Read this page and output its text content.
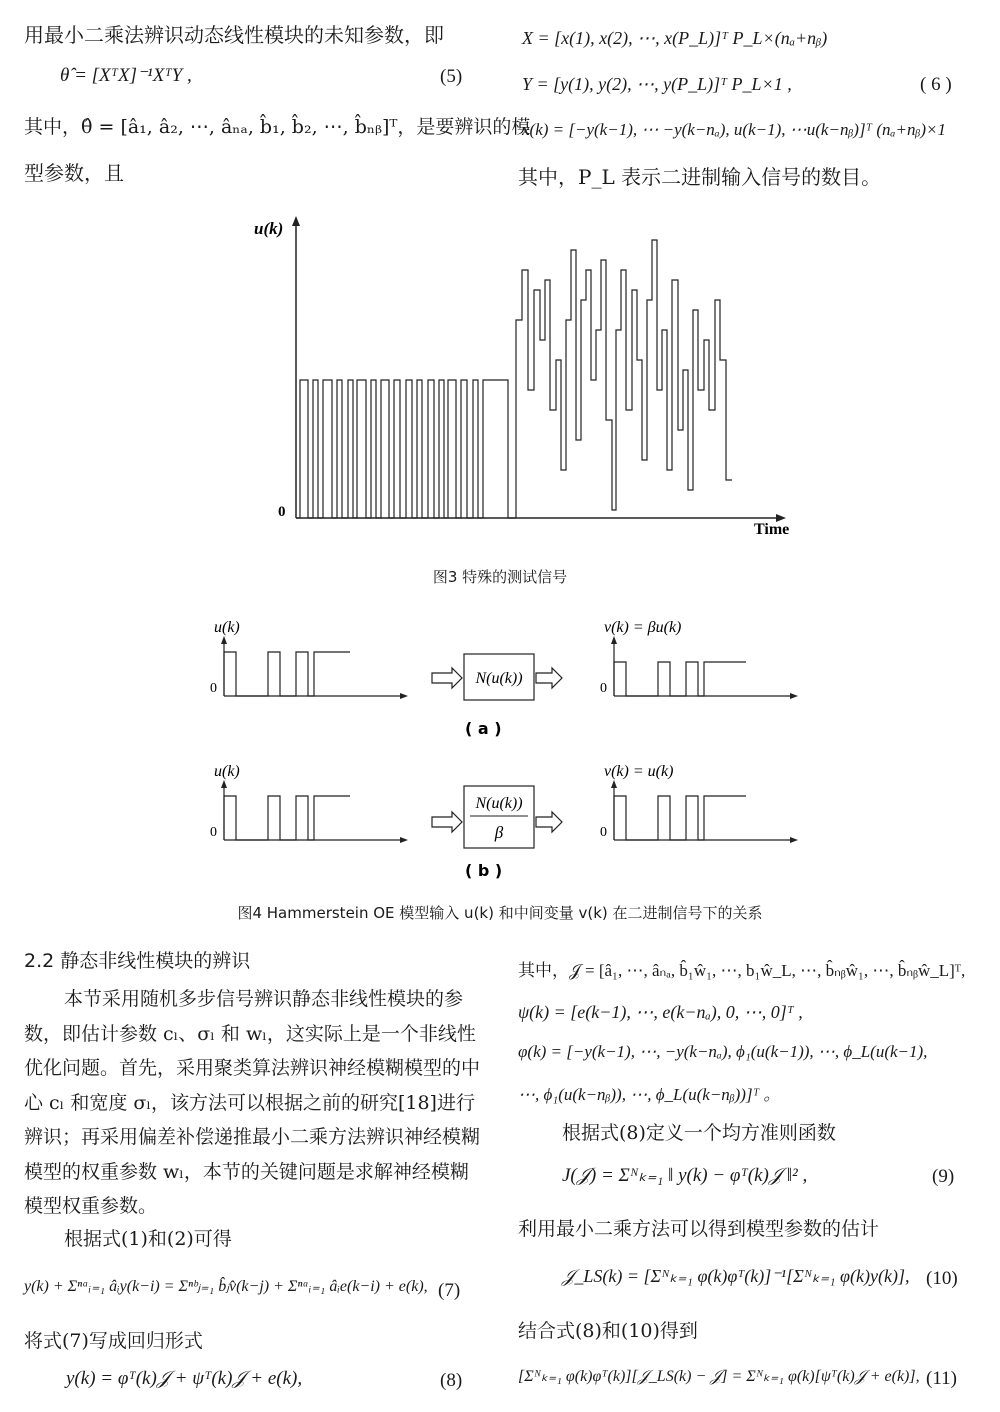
用最小二乘法辨识动态线性模块的未知参数，即
θ̂ = [XᵀX]⁻¹XᵀY ,	(5)
其中，θ̂ = [â₁, â₂, ⋯, âₙₐ, b̂₁, b̂₂, ⋯, b̂ₙᵦ]ᵀ，是要辨识的模
型参数，且
X = [x(1), x(2), ⋯, x(P_L)]ᵀ P_L×(nₐ+nᵦ)
Y = [y(1), y(2), ⋯, y(P_L)]ᵀ P_L×1 ,	( 6 )
x(k) = [−y(k−1), ⋯ −y(k−nₐ), u(k−1), ⋯u(k−nᵦ)]ᵀ (nₐ+nᵦ)×1
其中，P_L 表示二进制输入信号的数目。
u(k)
0
Time
图3 特殊的测试信号
u(k)
0
N(u(k))
v(k) = βu(k)
0
( a )
u(k)
0
N(u(k))
β
v(k) = u(k)
0
( b )
图4 Hammerstein OE 模型输入 u(k) 和中间变量 v(k) 在二进制信号下的关系
2.2 静态非线性模块的辨识
本节采用随机多步信号辨识静态非线性模块的参数，即估计参数 cₗ、σₗ 和 wₗ，这实际上是一个非线性优化问题。首先，采用聚类算法辨识神经模糊模型的中心 cₗ 和宽度 σₗ，该方法可以根据之前的研究[18]进行辨识；再采用偏差补偿递推最小二乘方法辨识神经模糊模型的权重参数 wₗ，本节的关键问题是求解神经模糊模型权重参数。
根据式(1)和(2)可得
y(k) + Σⁿᵃᵢ₌₁ âᵢy(k−i) = Σⁿᵇⱼ₌₁ b̂ⱼv̂(k−j) + Σⁿᵃᵢ₌₁ âᵢe(k−i) + e(k), (7)
将式(7)写成回归形式
y(k) = φᵀ(k)𝒥 + ψᵀ(k)𝒥 + e(k),	(8)
其中，𝒥 = [â₁, ⋯, âₙₐ, b̂₁ŵ₁, ⋯, b₁ŵ_L, ⋯, b̂ₙᵦŵ₁, ⋯, b̂ₙᵦŵ_L]ᵀ,
ψ(k) = [e(k−1), ⋯, e(k−nₐ), 0, ⋯, 0]ᵀ ,
φ(k) = [−y(k−1), ⋯, −y(k−nₐ), ϕ₁(u(k−1)), ⋯, ϕ_L(u(k−1),
⋯, ϕ₁(u(k−nᵦ)), ⋯, ϕ_L(u(k−nᵦ))]ᵀ 。
根据式(8)定义一个均方准则函数
J(𝒥) = Σᴺₖ₌₁ ‖ y(k) − φᵀ(k)𝒥 ‖² ,	(9)
利用最小二乘方法可以得到模型参数的估计
𝒥_LS(k) = [Σᴺₖ₌₁ φ(k)φᵀ(k)]⁻¹[Σᴺₖ₌₁ φ(k)y(k)], (10)
结合式(8)和(10)得到
[Σᴺₖ₌₁ φ(k)φᵀ(k)][𝒥_LS(k) − 𝒥] = Σᴺₖ₌₁ φ(k)[ψᵀ(k)𝒥 + e(k)], (11)
